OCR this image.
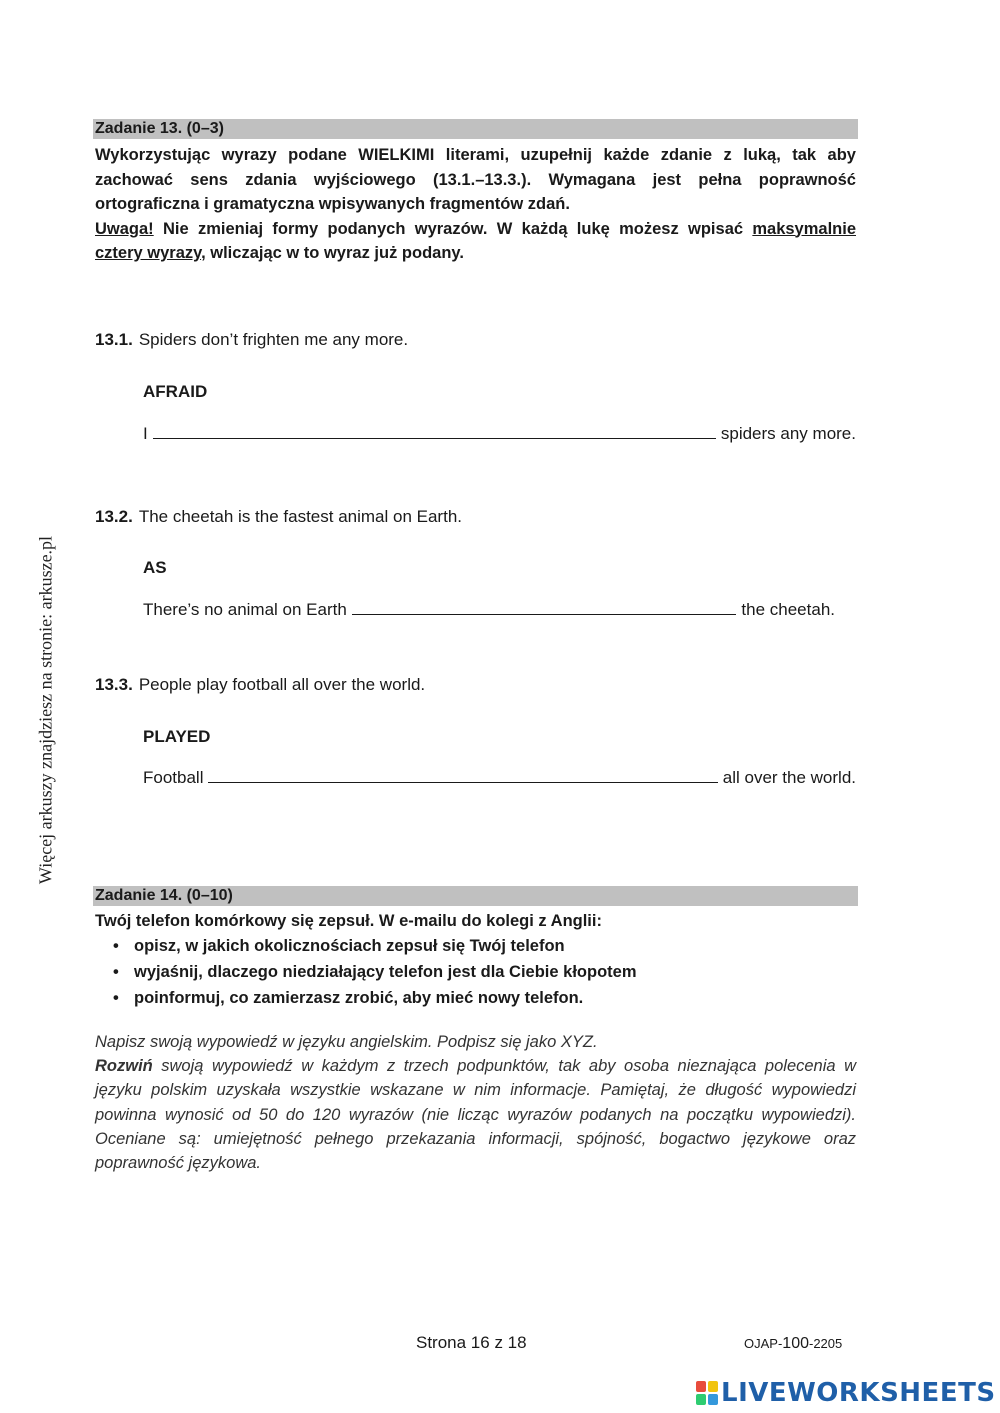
Więcej arkuszy znajdziesz na stronie: arkusze.pl
Zadanie 13. (0–3)

Wykorzystując wyrazy podane WIELKIMI literami, uzupełnij każde zdanie z luką, tak aby zachować sens zdania wyjściowego (13.1.–13.3.). Wymagana jest pełna poprawność ortograficzna i gramatyczna wpisywanych fragmentów zdań.

Uwaga! Nie zmieniaj formy podanych wyrazów. W każdą lukę możesz wpisać maksymalnie cztery wyrazy, wliczając w to wyraz już podany.

13.1. Spiders don’t frighten me any more.
AFRAID
I	spiders any more.
13.2. The cheetah is the fastest animal on Earth.
AS
There’s no animal on Earth	the cheetah.
13.3. People play football all over the world.
PLAYED
Football	all over the world.
Zadanie 14. (0–10)
Twój telefon komórkowy się zepsuł. W e-mailu do kolegi z Anglii:
• opisz, w jakich okolicznościach zepsuł się Twój telefon
• wyjaśnij, dlaczego niedziałający telefon jest dla Ciebie kłopotem
• poinformuj, co zamierzasz zrobić, aby mieć nowy telefon.

Napisz swoją wypowiedź w języku angielskim. Podpisz się jako XYZ.

Rozwiń swoją wypowiedź w każdym z trzech podpunktów, tak aby osoba nieznająca polecenia w języku polskim uzyskała wszystkie wskazane w nim informacje. Pamiętaj, że długość wypowiedzi powinna wynosić od 50 do 120 wyrazów (nie licząc wyrazów podanych na początku wypowiedzi). Oceniane są: umiejętność pełnego przekazania informacji, spójność, bogactwo językowe oraz poprawność językowa.

Strona 16 z 18	OJAP-100-2205
LIVEWORKSHEETS
